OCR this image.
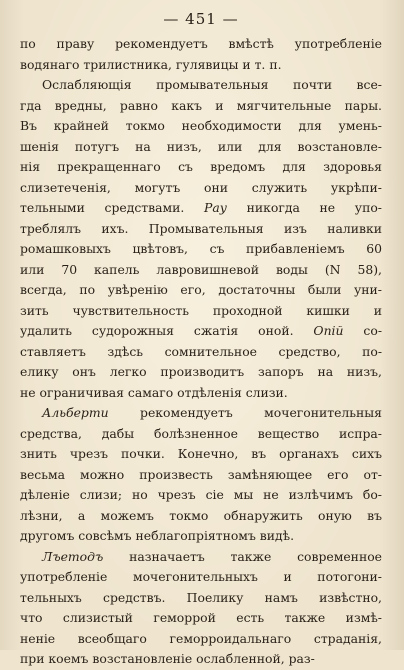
— 451 —
по праву рекомендуетъ вмѣстѣ употребленіе
водянаго трилистника, гулявицы и т. п.
Ослабляющія промывательныя почти все-
гда вредны, равно какъ и мягчительные пары.
Въ крайней токмо необходимости для умень-
шенія потугъ на низъ, или для возстановле-
нія прекращеннаго съ вредомъ для здоровья
слизетеченія, могутъ они служить укрѣпи-
тельными средствами. Рау никогда не упо-
треблялъ ихъ. Промывательныя изъ наливки
ромашковыхъ цвѣтовъ, съ прибавленіемъ 60
или 70 капель лавровишневой воды (N 58),
всегда, по увѣренію его, достаточны были уни-
зить чувствительность проходной кишки и
удалить судорожныя сжатія оной. Опій со-
ставляетъ здѣсь сомнительное средство, по-
елику онъ легко производитъ запоръ на низъ,
не ограничивая самаго отдѣленія слизи.
Альберти рекомендуетъ мочегонительныя
средства, дабы болѣзненное вещество испра-
знить чрезъ почки. Конечно, въ органахъ сихъ
весьма можно произвесть замѣняющее его от-
дѣленіе слизи; но чрезъ сіе мы не излѣчимъ бо-
лѣзни, а можемъ токмо обнаружить оную въ
другомъ совсѣмъ неблагопріятномъ видѣ.
Лъетодъ назначаетъ также современное
употребленіе мочегонительныхъ и потогони-
тельныхъ средствъ. Поелику намъ извѣстно,
что слизистый геморрой есть также измѣ-
неніе всеобщаго геморроидальнаго страданія,
при коемъ возстановленіе ослабленной, раз-
